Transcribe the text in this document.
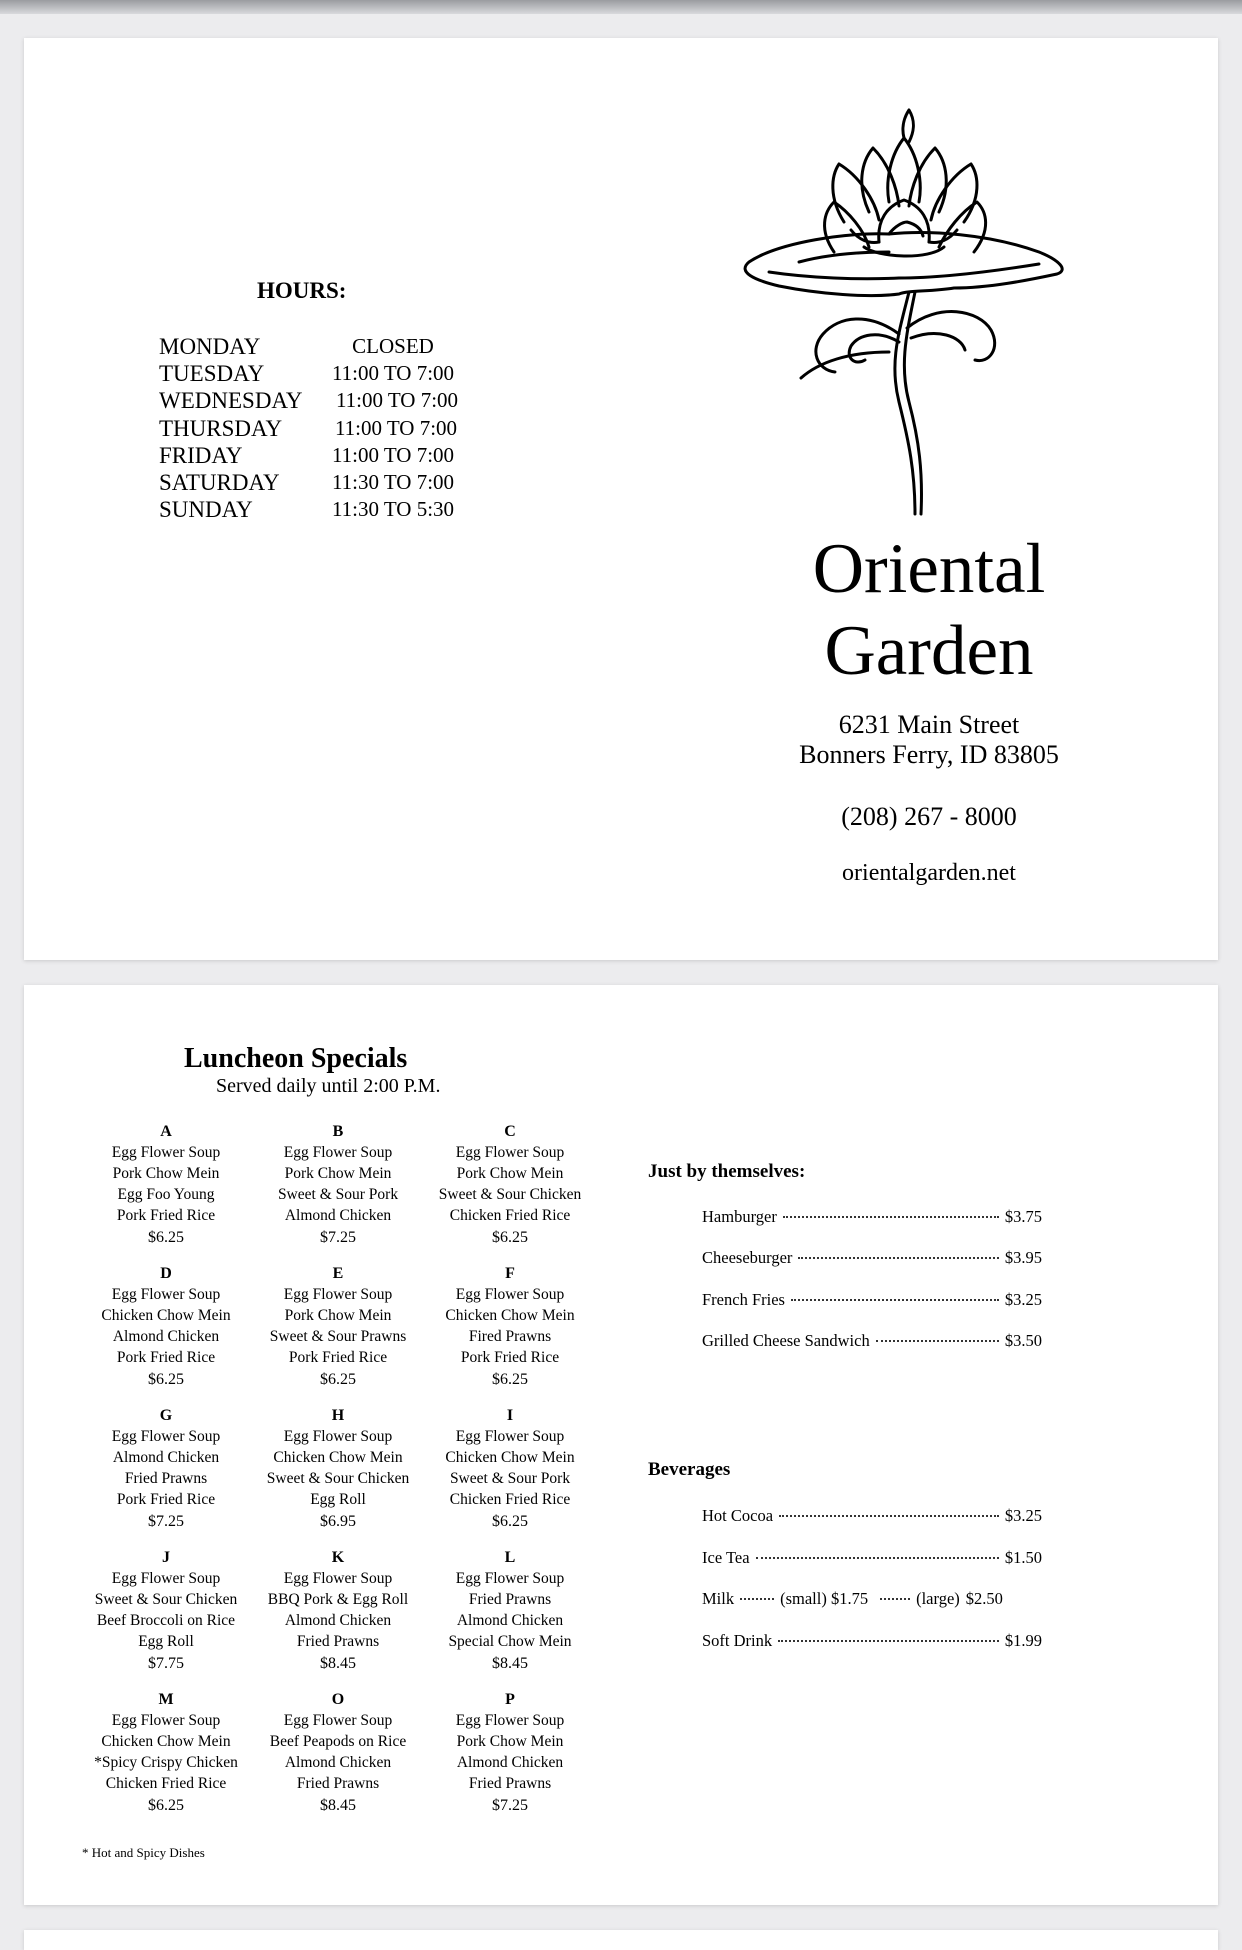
HOURS:
MONDAY	CLOSED
TUESDAY	11:00 TO 7:00
WEDNESDAY	11:00 TO 7:00
THURSDAY	11:00 TO 7:00
FRIDAY	11:00 TO 7:00
SATURDAY	11:30 TO 7:00
SUNDAY	11:30 TO 5:30
Oriental
Garden
6231 Main Street
Bonners Ferry, ID 83805
(208) 267 - 8000
orientalgarden.net
Luncheon Specials
Served daily until 2:00 P.M.
A
Egg Flower Soup
Pork Chow Mein
Egg Foo Young
Pork Fried Rice
$6.25
B
Egg Flower Soup
Pork Chow Mein
Sweet & Sour Pork
Almond Chicken
$7.25
C
Egg Flower Soup
Pork Chow Mein
Sweet & Sour Chicken
Chicken Fried Rice
$6.25
D
Egg Flower Soup
Chicken Chow Mein
Almond Chicken
Pork Fried Rice
$6.25
E
Egg Flower Soup
Pork Chow Mein
Sweet & Sour Prawns
Pork Fried Rice
$6.25
F
Egg Flower Soup
Chicken Chow Mein
Fired Prawns
Pork Fried Rice
$6.25
G
Egg Flower Soup
Almond Chicken
Fried Prawns
Pork Fried Rice
$7.25
H
Egg Flower Soup
Chicken Chow Mein
Sweet & Sour Chicken
Egg Roll
$6.95
I
Egg Flower Soup
Chicken Chow Mein
Sweet & Sour Pork
Chicken Fried Rice
$6.25
J
Egg Flower Soup
Sweet & Sour Chicken
Beef Broccoli on Rice
Egg Roll
$7.75
K
Egg Flower Soup
BBQ Pork & Egg Roll
Almond Chicken
Fried Prawns
$8.45
L
Egg Flower Soup
Fried Prawns
Almond Chicken
Special Chow Mein
$8.45
M
Egg Flower Soup
Chicken Chow Mein
*Spicy Crispy Chicken
Chicken Fried Rice
$6.25
O
Egg Flower Soup
Beef Peapods on Rice
Almond Chicken
Fried Prawns
$8.45
P
Egg Flower Soup
Pork Chow Mein
Almond Chicken
Fried Prawns
$7.25
* Hot and Spicy Dishes
Just by themselves:
Hamburger	$3.75
Cheeseburger	$3.95
French Fries	$3.25
Grilled Cheese Sandwich	$3.50
Beverages
Hot Cocoa	$3.25
Ice Tea	$1.50
Milk	(small) $1.75	(large) $2.50
Soft Drink	$1.99
